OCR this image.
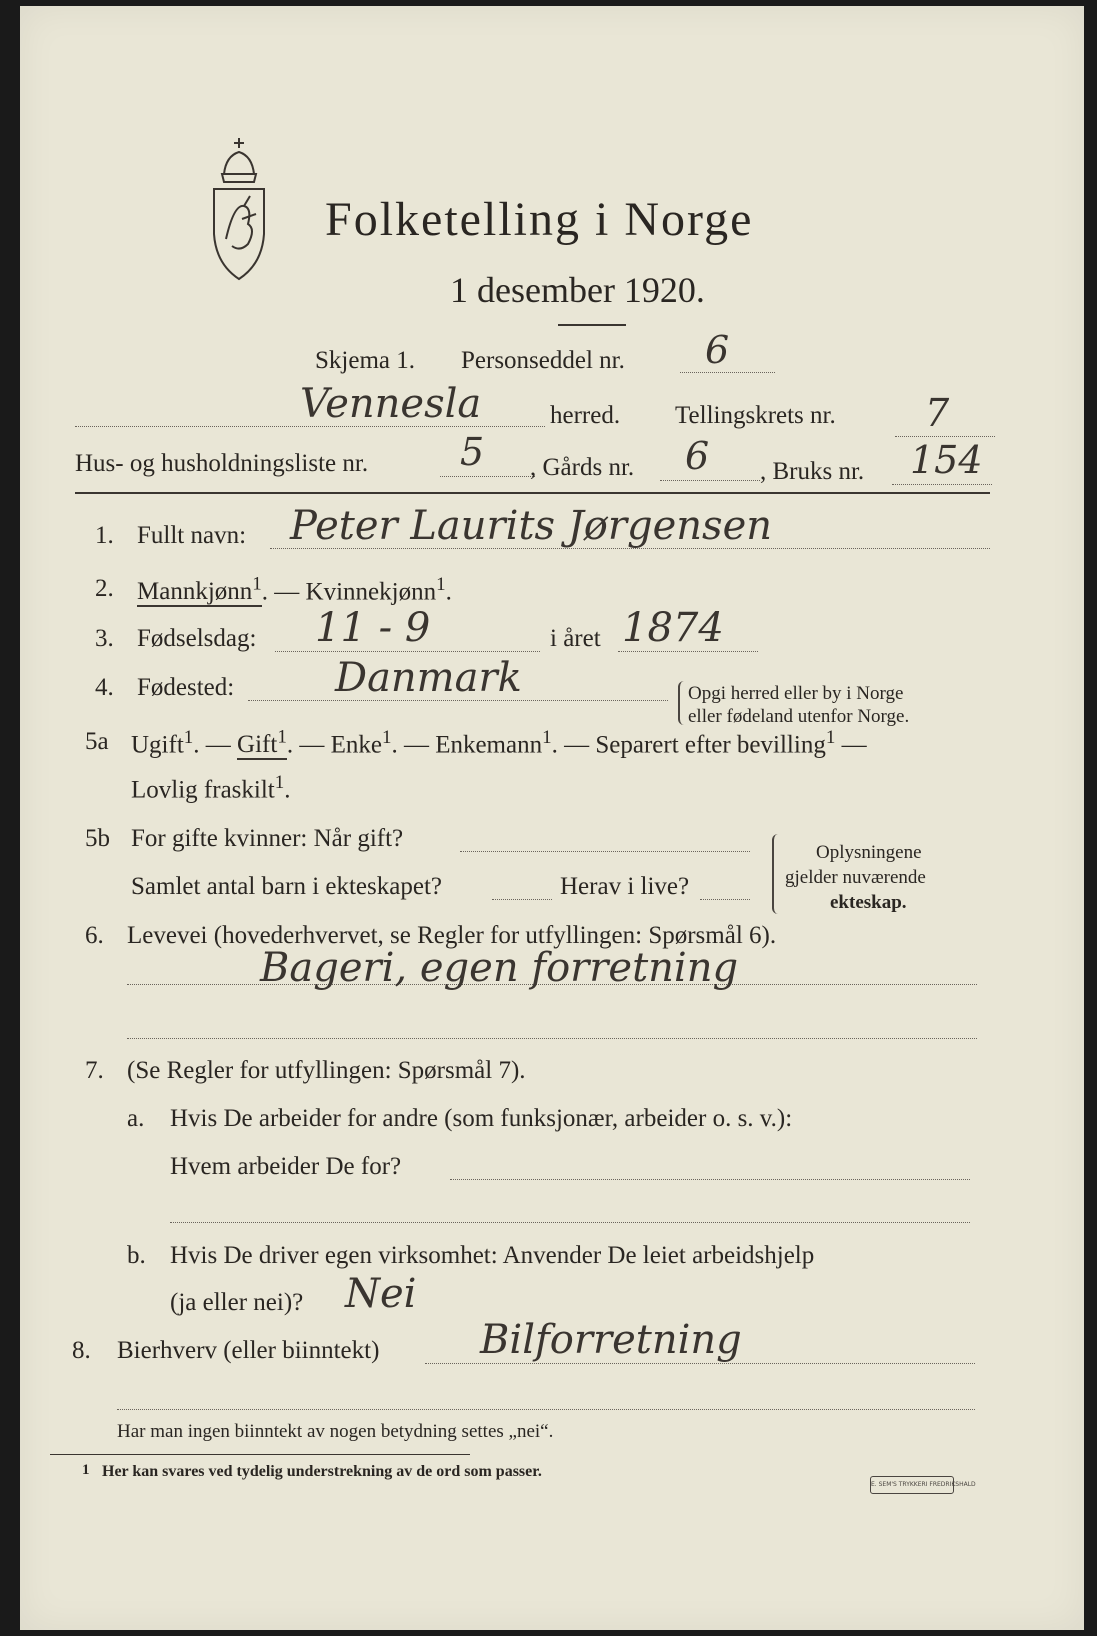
Folketelling i Norge
1 desember 1920.
Skjema 1. Personseddel nr. 6
Vennesla	herred. Tellingskrets nr. 7
Hus- og husholdningsliste nr. 5 , Gårds nr. 6 , Bruks nr. 154
1. Fullt navn: Peter Laurits Jørgensen
2. Mannkjønn$^1$. — Kvinnekjønn$^1$.
3. Fødselsdag: 11 - 9	i året 1874
4. Fødested:	Danmark	Opgi herred eller by i Norge
eller fødeland utenfor Norge.
5a Ugift$^1$. — Gift$^1$. — Enke$^1$. — Enkemann$^1$. — Separert efter bevilling$^1$ —
Lovlig fraskilt$^1$.
5b For gifte kvinner: Når gift?
Samlet antal barn i ekteskapet?	Herav i live?
Oplysningene
gjelder nuværende
ekteskap.
6. Levevei (hovederhvervet, se Regler for utfyllingen: Spørsmål 6).
Bageri, egen forretning
7. (Se Regler for utfyllingen: Spørsmål 7).
a. Hvis De arbeider for andre (som funksjonær, arbeider o. s. v.):
Hvem arbeider De for?
b. Hvis De driver egen virksomhet: Anvender De leiet arbeidshjelp
(ja eller nei)? Nei
8. Bierhverv (eller biinntekt)	Bilforretning
Har man ingen biinntekt av nogen betydning settes „nei“.
1 Her kan svares ved tydelig understrekning av de ord som passer.
E. SEM'S TRYKKERI FREDRIKSHALD
